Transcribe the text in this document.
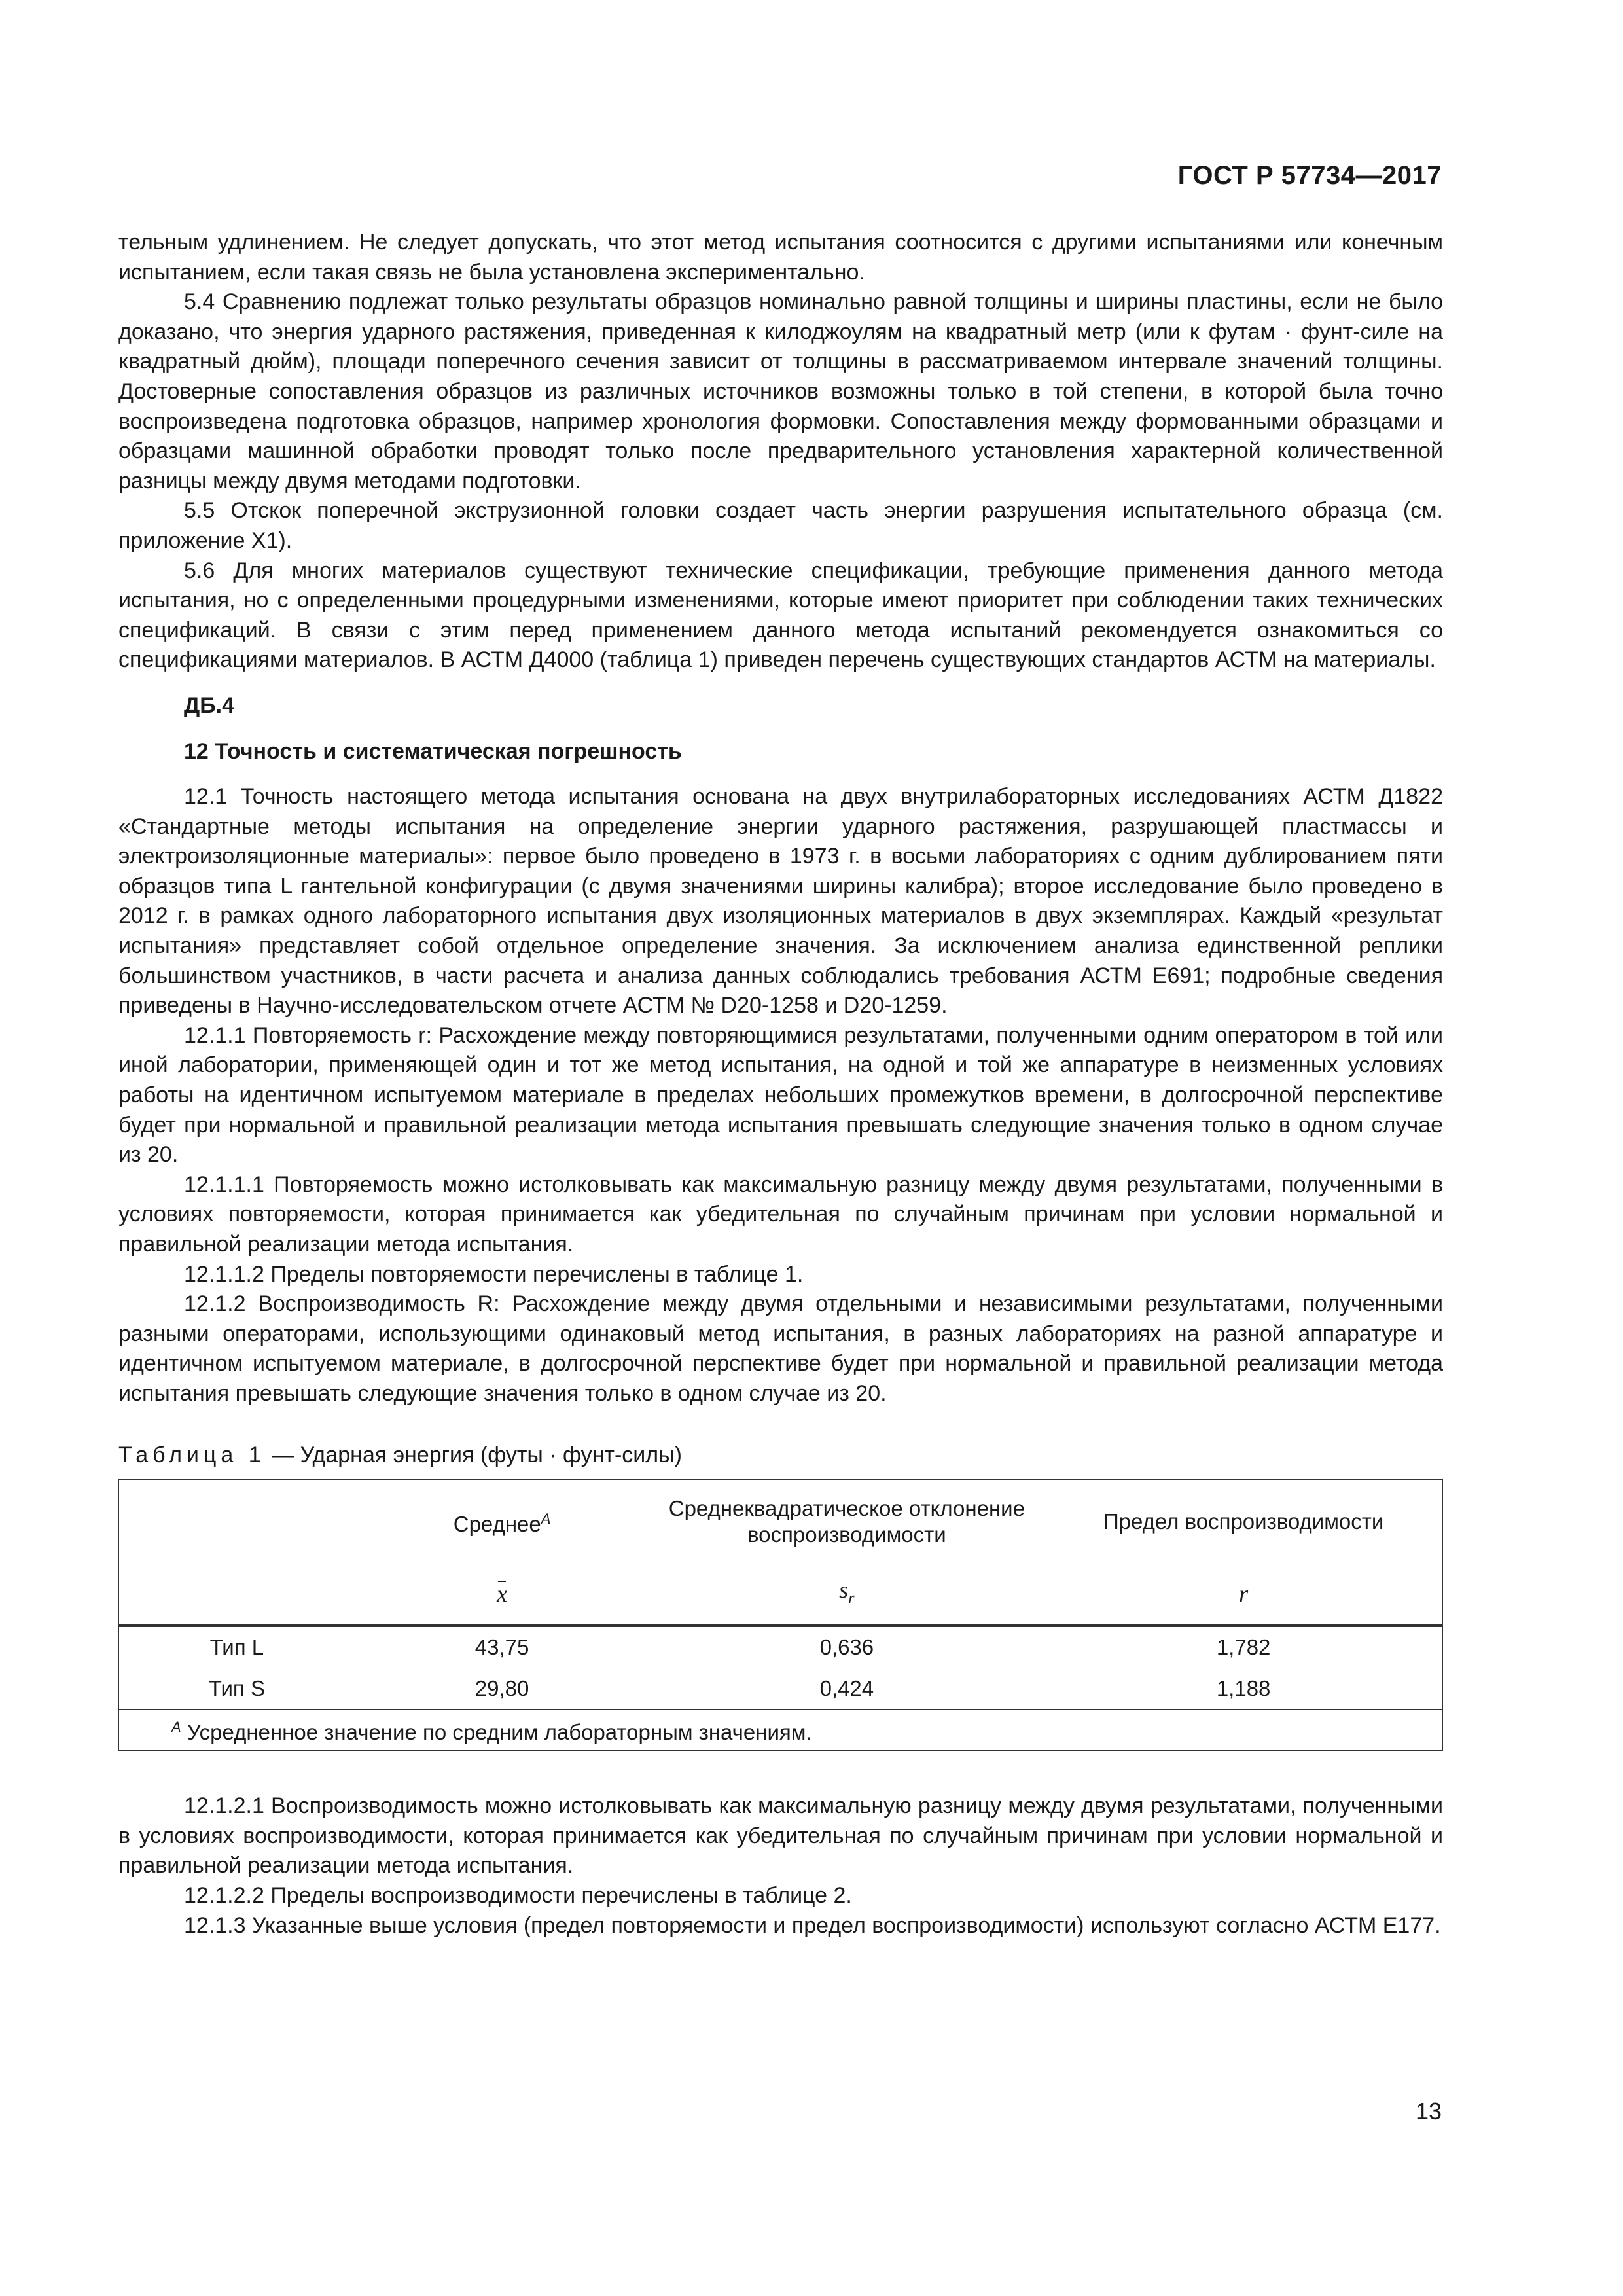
ГОСТ Р 57734—2017

тельным удлинением. Не следует допускать, что этот метод испытания соотносится с другими испытаниями или конечным испытанием, если такая связь не была установлена экспериментально.

5.4 Сравнению подлежат только результаты образцов номинально равной толщины и ширины пластины, если не было доказано, что энергия ударного растяжения, приведенная к килоджоулям на квадратный метр (или к футам · фунт-силе на квадратный дюйм), площади поперечного сечения зависит от толщины в рассматриваемом интервале значений толщины. Достоверные сопоставления образцов из различных источников возможны только в той степени, в которой была точно воспроизведена подготовка образцов, например хронология формовки. Сопоставления между формованными образцами и образцами машинной обработки проводят только после предварительного установления характерной количественной разницы между двумя методами подготовки.

5.5 Отскок поперечной экструзионной головки создает часть энергии разрушения испытательного образца (см. приложение X1).

5.6 Для многих материалов существуют технические спецификации, требующие применения данного метода испытания, но с определенными процедурными изменениями, которые имеют приоритет при соблюдении таких технических спецификаций. В связи с этим перед применением данного метода испытаний рекомендуется ознакомиться со спецификациями материалов. В АСТМ Д4000 (таблица 1) приведен перечень существующих стандартов АСТМ на материалы.

ДБ.4

12 Точность и систематическая погрешность

12.1 Точность настоящего метода испытания основана на двух внутрилабораторных исследованиях АСТМ Д1822 «Стандартные методы испытания на определение энергии ударного растяжения, разрушающей пластмассы и электроизоляционные материалы»: первое было проведено в 1973 г. в восьми лабораториях с одним дублированием пяти образцов типа L гантельной конфигурации (с двумя значениями ширины калибра); второе исследование было проведено в 2012 г. в рамках одного лабораторного испытания двух изоляционных материалов в двух экземплярах. Каждый «результат испытания» представляет собой отдельное определение значения. За исключением анализа единственной реплики большинством участников, в части расчета и анализа данных соблюдались требования АСТМ Е691; подробные сведения приведены в Научно-исследовательском отчете АСТМ № D20-1258 и D20-1259.

12.1.1 Повторяемость r: Расхождение между повторяющимися результатами, полученными одним оператором в той или иной лаборатории, применяющей один и тот же метод испытания, на одной и той же аппаратуре в неизменных условиях работы на идентичном испытуемом материале в пределах небольших промежутков времени, в долгосрочной перспективе будет при нормальной и правильной реализации метода испытания превышать следующие значения только в одном случае из 20.

12.1.1.1 Повторяемость можно истолковывать как максимальную разницу между двумя результатами, полученными в условиях повторяемости, которая принимается как убедительная по случайным причинам при условии нормальной и правильной реализации метода испытания.

12.1.1.2 Пределы повторяемости перечислены в таблице 1.

12.1.2 Воспроизводимость R: Расхождение между двумя отдельными и независимыми результатами, полученными разными операторами, использующими одинаковый метод испытания, в разных лабораториях на разной аппаратуре и идентичном испытуемом материале, в долгосрочной перспективе будет при нормальной и правильной реализации метода испытания превышать следующие значения только в одном случае из 20.

Таблица 1 — Ударная энергия (футы · фунт-силы)

	Среднее$^A$	Среднеквадратическое отклонение воспроизводимости	Предел воспроизводимости
	x	$s_r$	r
Тип L	43,75	0,636	1,782
Тип S	29,80	0,424	1,188
$^A$ Усредненное значение по средним лабораторным значениям.			

12.1.2.1 Воспроизводимость можно истолковывать как максимальную разницу между двумя результатами, полученными в условиях воспроизводимости, которая принимается как убедительная по случайным причинам при условии нормальной и правильной реализации метода испытания.

12.1.2.2 Пределы воспроизводимости перечислены в таблице 2.

12.1.3 Указанные выше условия (предел повторяемости и предел воспроизводимости) используют согласно АСТМ Е177.

13
